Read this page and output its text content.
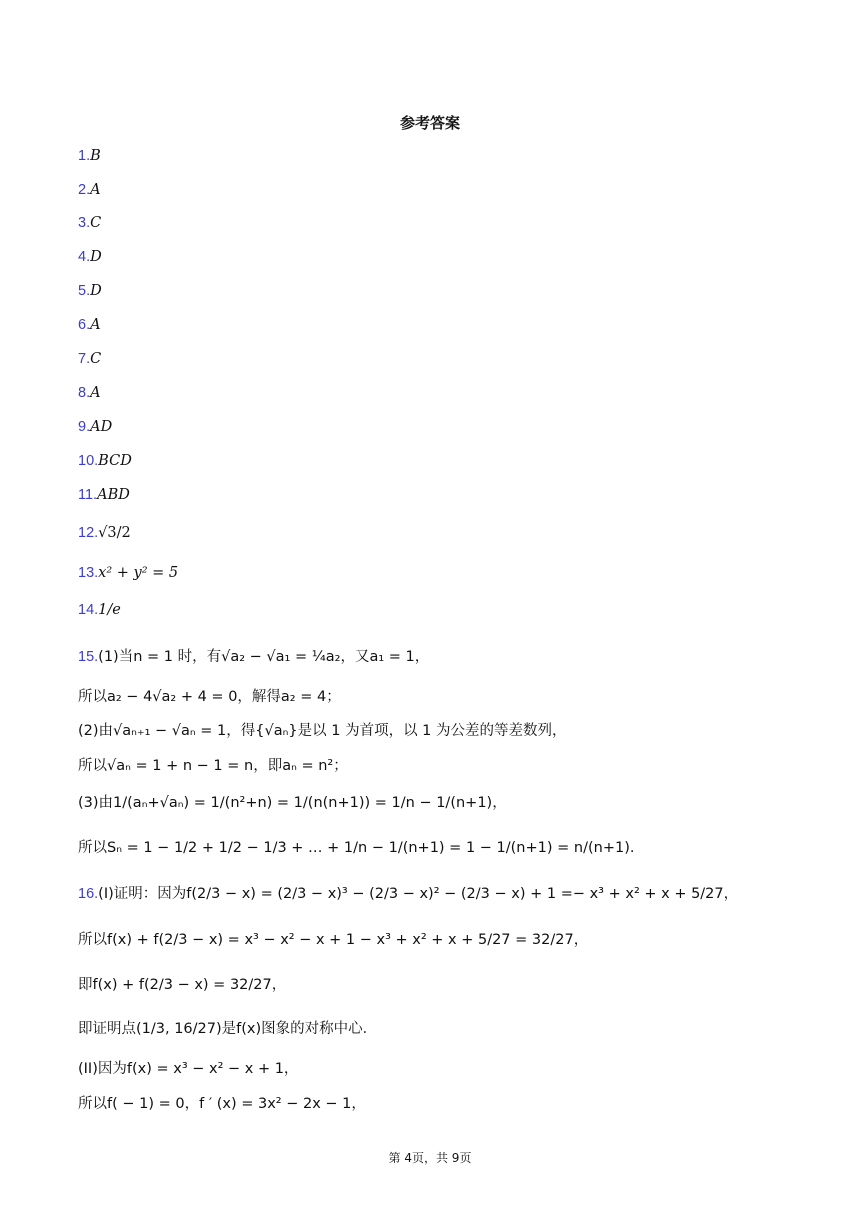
参考答案
1.B
2.A
3.C
4.D
5.D
6.A
7.C
8.A
9.AD
10.BCD
11.ABD
12.√3/2
13.x² + y² = 5
14.1/e
15.(1)当n = 1 时，有√a₂ − √a₁ = ¼a₂，又a₁ = 1，
所以a₂ − 4√a₂ + 4 = 0，解得a₂ = 4；
(2)由√aₙ₊₁ − √aₙ = 1，得{√aₙ}是以 1 为首项，以 1 为公差的等差数列，
所以√aₙ = 1 + n − 1 = n，即aₙ = n²；
(3)由1/(aₙ+√aₙ) = 1/(n²+n) = 1/(n(n+1)) = 1/n − 1/(n+1)，
所以Sₙ = 1 − 1/2 + 1/2 − 1/3 + … + 1/n − 1/(n+1) = 1 − 1/(n+1) = n/(n+1).
16.(I)证明：因为f(2/3 − x) = (2/3 − x)³ − (2/3 − x)² − (2/3 − x) + 1 =− x³ + x² + x + 5/27，
所以f(x) + f(2/3 − x) = x³ − x² − x + 1 − x³ + x² + x + 5/27 = 32/27，
即f(x) + f(2/3 − x) = 32/27，
即证明点(1/3, 16/27)是f(x)图象的对称中心．
(II)因为f(x) = x³ − x² − x + 1，
所以f( − 1) = 0，f ′ (x) = 3x² − 2x − 1，
第 4页，共 9页
